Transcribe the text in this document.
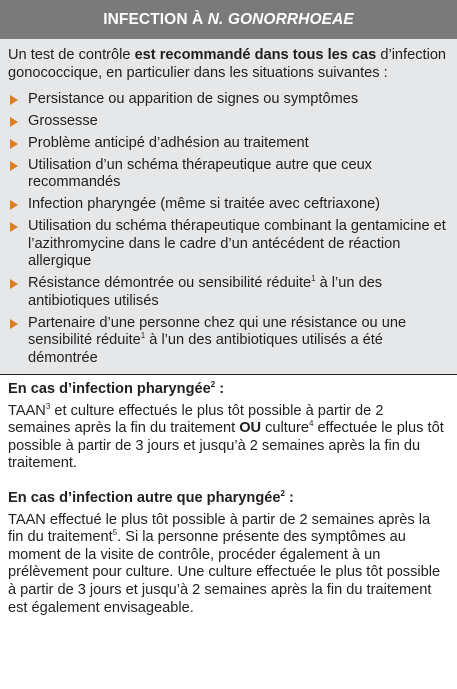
INFECTION À N. GONORRHOEAE

Un test de contrôle est recommandé dans tous les cas d’infection gonococcique, en particulier dans les situations suivantes :

Persistance ou apparition de signes ou symptômes
Grossesse
Problème anticipé d’adhésion au traitement
Utilisation d’un schéma thérapeutique autre que ceux recommandés
Infection pharyngée (même si traitée avec ceftriaxone)
Utilisation du schéma thérapeutique combinant la gentamicine et l’azithromycine dans le cadre d’un antécédent de réaction allergique
Résistance démontrée ou sensibilité réduite$^1$ à l’un des antibiotiques utilisés
Partenaire d’une personne chez qui une résistance ou une sensibilité réduite$^1$ à l’un des antibiotiques utilisés a été démontrée

En cas d’infection pharyngée$^2$ :

TAAN$^3$ et culture effectués le plus tôt possible à partir de 2 semaines après la fin du traitement OU culture$^4$ effectuée le plus tôt possible à partir de 3 jours et jusqu’à 2 semaines après la fin du traitement.

En cas d’infection autre que pharyngée$^2$ :

TAAN effectué le plus tôt possible à partir de 2 semaines après la fin du traitement$^5$. Si la personne présente des symptômes au moment de la visite de contrôle, procéder également à un prélèvement pour culture. Une culture effectuée le plus tôt possible à partir de 3 jours et jusqu’à 2 semaines après la fin du traitement est également envisageable.
